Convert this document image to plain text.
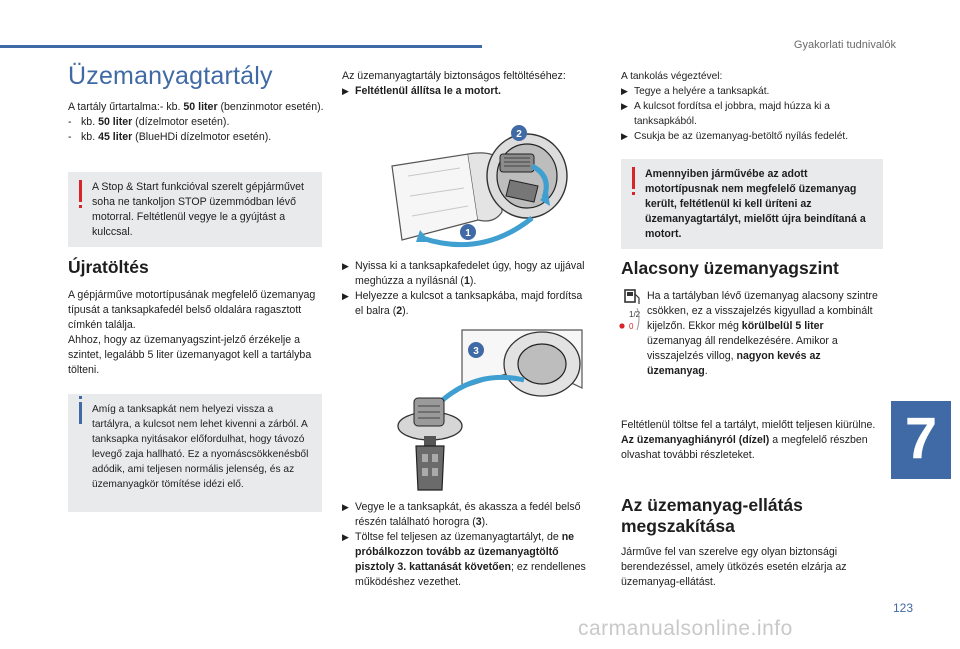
Gyakorlati tudnivalók
Üzemanyagtartály

A tartály űrtartalma:- kb. 50 liter (benzinmotor esetén).

- kb. 50 liter (dízelmotor esetén).
- kb. 45 liter (BlueHDi dízelmotor esetén).
A Stop & Start funkcióval szerelt gépjárművet soha ne tankoljon STOP üzemmódban lévő motorral. Feltétlenül vegye le a gyújtást a kulccsal.
Újratöltés

A gépjárműve motortípusának megfelelő üzemanyag típusát a tanksapkafedél belső oldalára ragasztott címkén találja.

Ahhoz, hogy az üzemanyagszint-jelző érzékelje a szintet, legalább 5 liter üzemanyagot kell a tartályba tölteni.

Amíg a tanksapkát nem helyezi vissza a tartályra, a kulcsot nem lehet kivenni a zárból. A tanksapka nyitásakor előfordulhat, hogy távozó levegő zaja hallható. Ez a nyomáscsökkenésből adódik, ami teljesen normális jelenség, és az üzemanyagkör tömítése idézi elő.

Az üzemanyagtartály biztonságos feltöltéséhez:

▶ Feltétlenül állítsa le a motort.
1
2
▶ Nyissa ki a tanksapkafedelet úgy, hogy az ujjával meghúzza a nyílásnál (1).
▶ Helyezze a kulcsot a tanksapkába, majd fordítsa el balra (2).
3
▶ Vegye le a tanksapkát, és akassza a fedél belső részén található horogra (3).
▶ Töltse fel teljesen az üzemanyagtartályt, de ne próbálkozzon tovább az üzemanyagtöltő pisztoly 3. kattanását követően; ez rendellenes működéshez vezethet.

A tankolás végeztével:

▶ Tegye a helyére a tanksapkát.
▶ A kulcsot fordítsa el jobbra, majd húzza ki a tanksapkából.
▶ Csukja be az üzemanyag-betöltő nyílás fedelét.
Amennyiben járművébe az adott motortípusnak nem megfelelő üzemanyag került, feltétlenül ki kell üríteni az üzemanyagtartályt, mielőtt újra beindítaná a motort.
Alacsony üzemanyagszint
1/2
0

Ha a tartályban lévő üzemanyag alacsony szintre csökken, ez a visszajelzés kigyullad a kombinált kijelzőn. Ekkor még körülbelül 5 liter üzemanyag áll rendelkezésére. Amikor a visszajelzés villog, nagyon kevés az üzemanyag.

Feltétlenül töltse fel a tartályt, mielőtt teljesen kiürülne.

Az üzemanyaghiányról (dízel) a megfelelő részben olvashat további részleteket.

Az üzemanyag-ellátás megszakítása

Járműve fel van szerelve egy olyan biztonsági berendezéssel, amely ütközés esetén elzárja az üzemanyag-ellátást.

7
123
carmanualsonline.info
